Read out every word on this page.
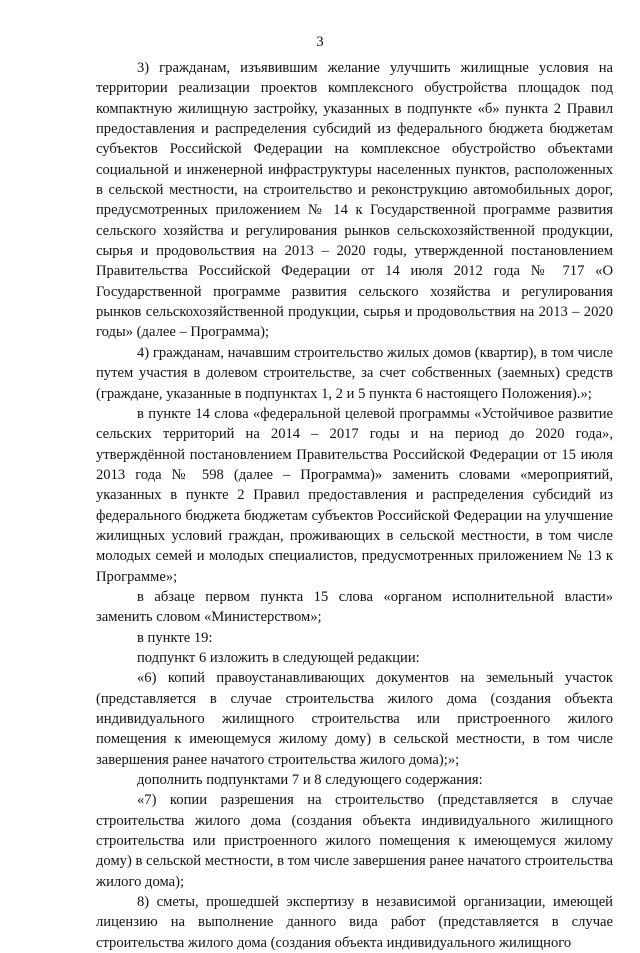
3

3) гражданам, изъявившим желание улучшить жилищные условия на территории реализации проектов комплексного обустройства площадок под компактную жилищную застройку, указанных в подпункте «б» пункта 2 Правил предоставления и распределения субсидий из федерального бюджета бюджетам субъектов Российской Федерации на комплексное обустройство объектами социальной и инженерной инфраструктуры населенных пунктов, расположенных в сельской местности, на строительство и реконструкцию автомобильных дорог, предусмотренных приложением № 14 к Государственной программе развития сельского хозяйства и регулирования рынков сельскохозяйственной продукции, сырья и продовольствия на 2013 – 2020 годы, утвержденной постановлением Правительства Российской Федерации от 14 июля 2012 года № 717 «О Государственной программе развития сельского хозяйства и регулирования рынков сельскохозяйственной продукции, сырья и продовольствия на 2013 – 2020 годы» (далее – Программа);

4) гражданам, начавшим строительство жилых домов (квартир), в том числе путем участия в долевом строительстве, за счет собственных (заемных) средств (граждане, указанные в подпунктах 1, 2 и 5 пункта 6 настоящего Положения).»;

в пункте 14 слова «федеральной целевой программы «Устойчивое развитие сельских территорий на 2014 – 2017 годы и на период до 2020 года», утверждённой постановлением Правительства Российской Федерации от 15 июля 2013 года № 598 (далее – Программа)» заменить словами «мероприятий, указанных в пункте 2 Правил предоставления и распределения субсидий из федерального бюджета бюджетам субъектов Российской Федерации на улучшение жилищных условий граждан, проживающих в сельской местности, в том числе молодых семей и молодых специалистов, предусмотренных приложением № 13 к Программе»;

в абзаце первом пункта 15 слова «органом исполнительной власти» заменить словом «Министерством»;

в пункте 19:

подпункт 6 изложить в следующей редакции:

«6) копий правоустанавливающих документов на земельный участок (представляется в случае строительства жилого дома (создания объекта индивидуального жилищного строительства или пристроенного жилого помещения к имеющемуся жилому дому) в сельской местности, в том числе завершения ранее начатого строительства жилого дома);»;

дополнить подпунктами 7 и 8 следующего содержания:

«7) копии разрешения на строительство (представляется в случае строительства жилого дома (создания объекта индивидуального жилищного строительства или пристроенного жилого помещения к имеющемуся жилому дому) в сельской местности, в том числе завершения ранее начатого строительства жилого дома);

8) сметы, прошедшей экспертизу в независимой организации, имеющей лицензию на выполнение данного вида работ (представляется в случае строительства жилого дома (создания объекта индивидуального жилищного
